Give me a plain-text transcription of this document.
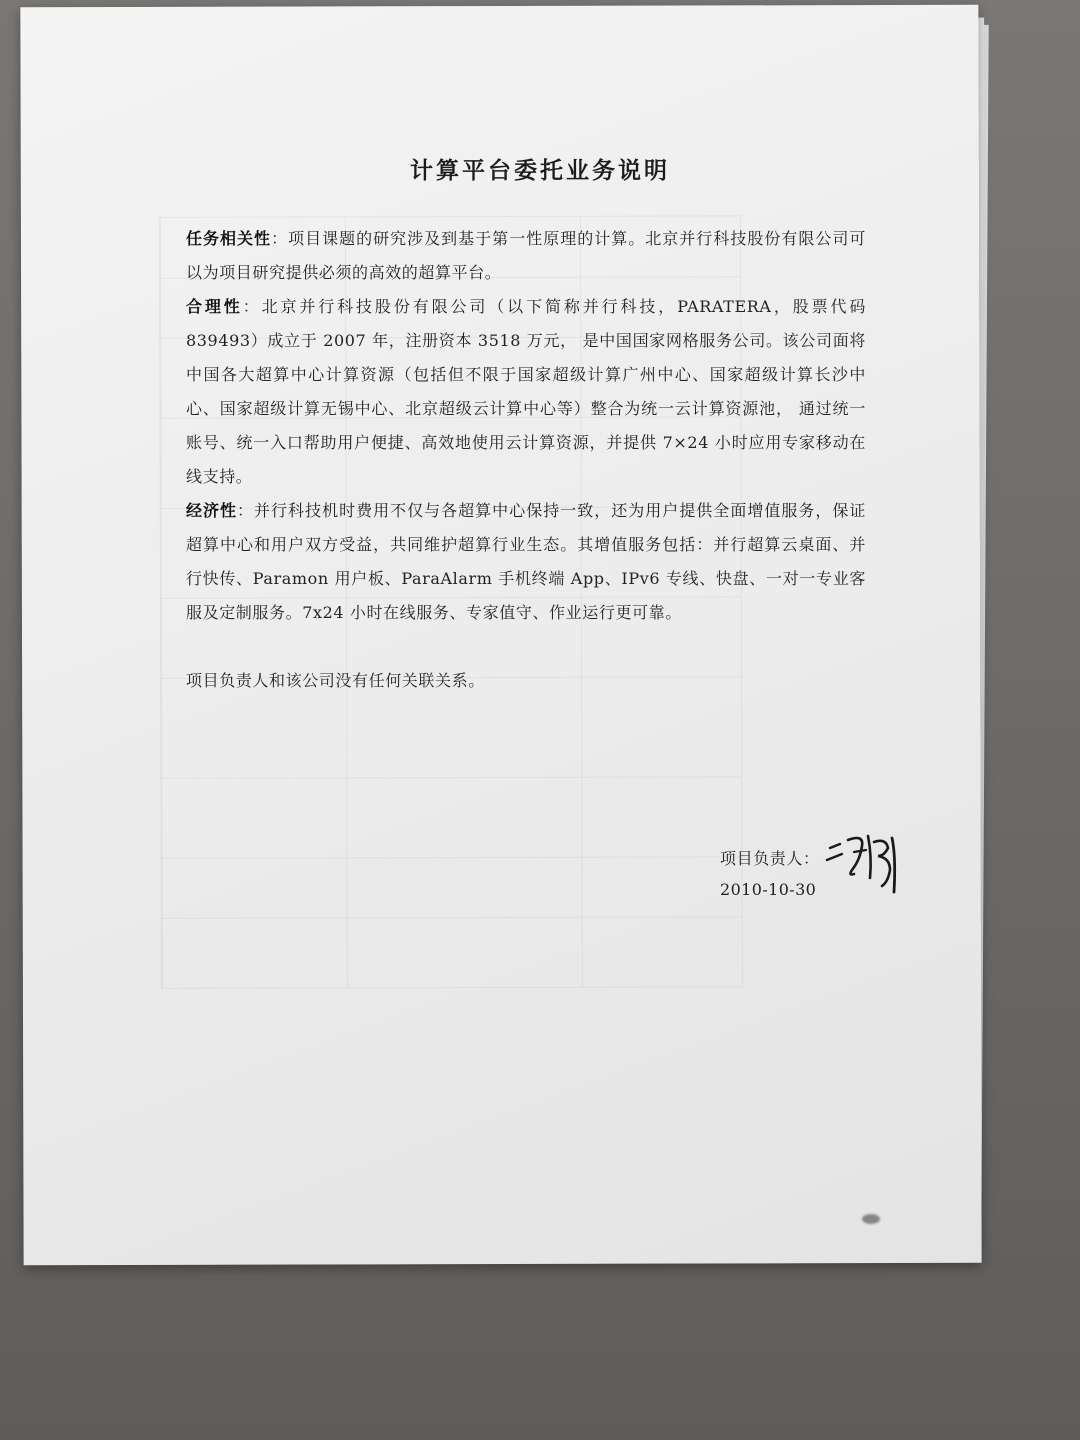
计算平台委托业务说明

任务相关性：项目课题的研究涉及到基于第一性原理的计算。北京并行科技股份有限公司可以为项目研究提供必须的高效的超算平台。

合理性：北京并行科技股份有限公司（以下简称并行科技，PARATERA，股票代码 839493）成立于 2007 年，注册资本 3518 万元， 是中国国家网格服务公司。该公司面将中国各大超算中心计算资源（包括但不限于国家超级计算广州中心、国家超级计算长沙中心、国家超级计算无锡中心、北京超级云计算中心等）整合为统一云计算资源池， 通过统一账号、统一入口帮助用户便捷、高效地使用云计算资源，并提供 7×24 小时应用专家移动在线支持。

经济性：并行科技机时费用不仅与各超算中心保持一致，还为用户提供全面增值服务，保证超算中心和用户双方受益，共同维护超算行业生态。其增值服务包括：并行超算云桌面、并行快传、Paramon 用户板、ParaAlarm 手机终端 App、IPv6 专线、快盘、一对一专业客服及定制服务。7x24 小时在线服务、专家值守、作业运行更可靠。

项目负责人和该公司没有任何关联关系。

项目负责人：
2010-10-30
